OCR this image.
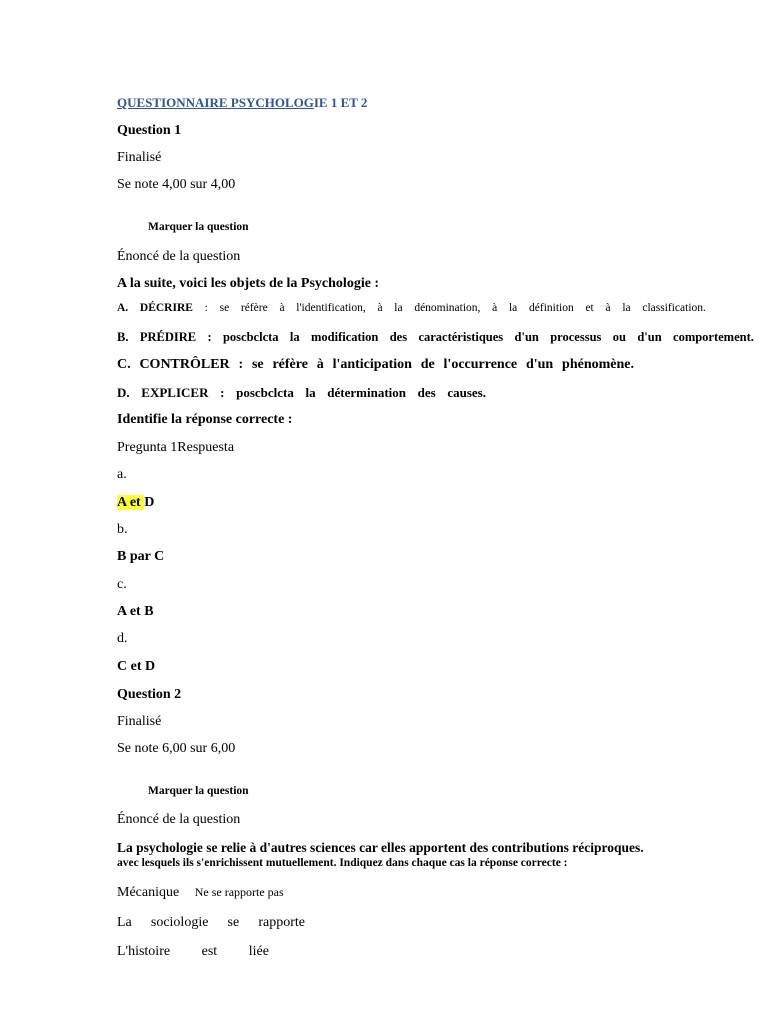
QUESTIONNAIRE PSYCHOLOGIE 1 ET 2
Question 1
Finalisé
Se note 4,00 sur 4,00
Marquer la question
Énoncé de la question
A la suite, voici les objets de la Psychologie :
A. DÉCRIRE : se réfère à l'identification, à la dénomination, à la définition et à la classification.
B. PRÉDIRE : poscbclcta la modification des caractéristiques d'un processus ou d'un comportement.
C. CONTRÔLER : se réfère à l'anticipation de l'occurrence d'un phénomène.
D. EXPLICER : poscbclcta la détermination des causes.
Identifie la réponse correcte :
Pregunta 1Respuesta
a.
A et D
b.
B par C
c.
A et B
d.
C et D
Question 2
Finalisé
Se note 6,00 sur 6,00
Marquer la question
Énoncé de la question
La psychologie se relie à d'autres sciences car elles apportent des contributions réciproques.
avec lesquels ils s'enrichissent mutuellement. Indiquez dans chaque cas la réponse correcte :
Mécanique Ne se rapporte pas
La sociologie se rapporte
L'histoire est liée
